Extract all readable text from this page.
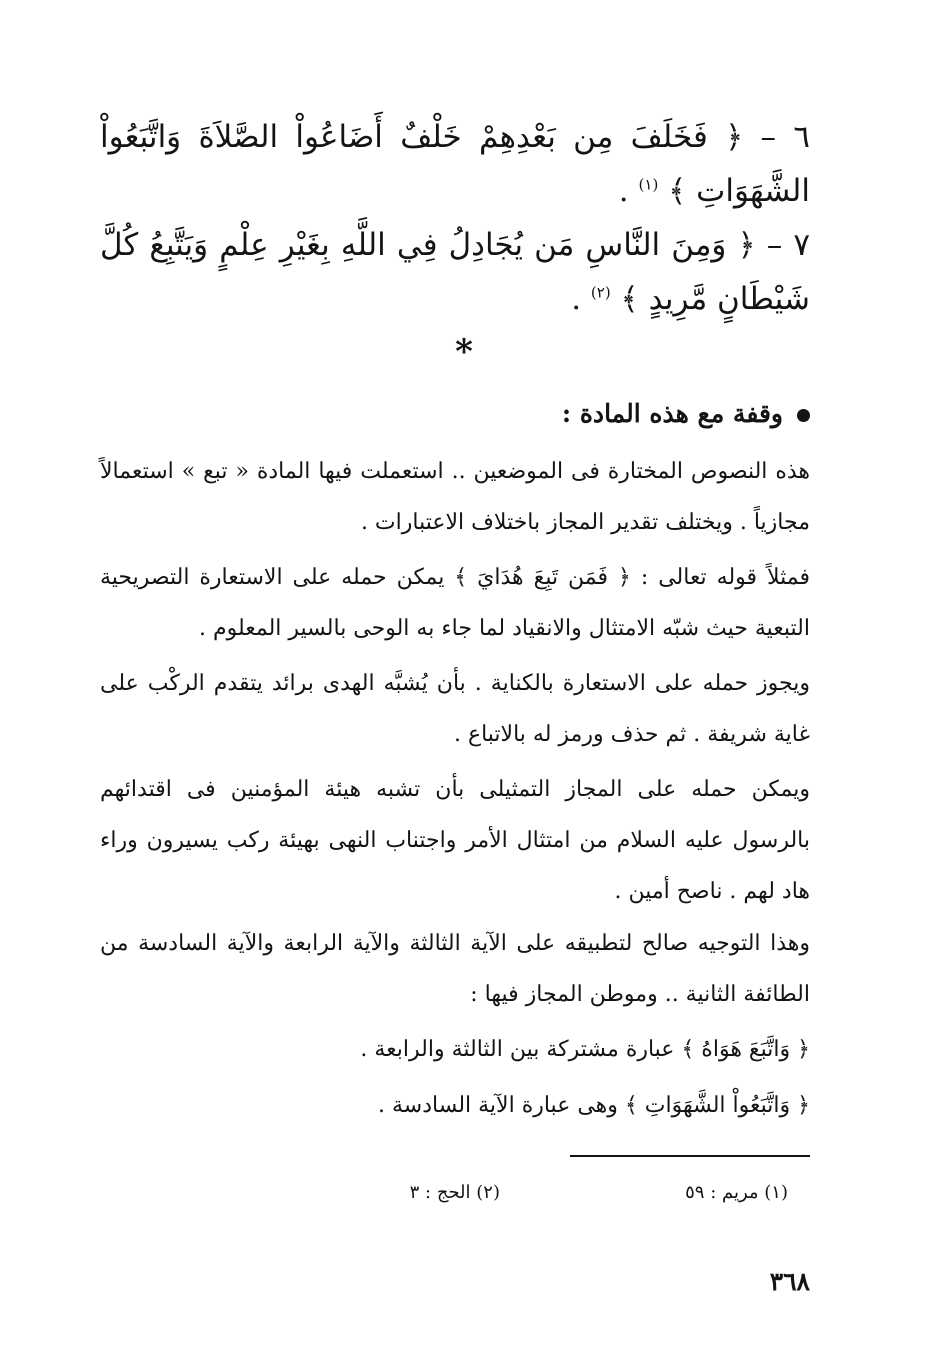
٦ – ﴿ فَخَلَفَ مِن بَعْدِهِمْ خَلْفٌ أَضَاعُواْ الصَّلاَةَ وَاتَّبَعُواْ الشَّهَوَاتِ ﴾ $^{(١)}$ .
٧ – ﴿ وَمِنَ النَّاسِ مَن يُجَادِلُ فِي اللَّهِ بِغَيْرِ عِلْمٍ وَيَتَّبِعُ كُلَّ شَيْطَانٍ مَّرِيدٍ ﴾ $^{(٢)}$ .
*
وقفة مع هذه المادة :
هذه النصوص المختارة فى الموضعين .. استعملت فيها المادة « تبع » استعمالاً مجازياً . ويختلف تقدير المجاز باختلاف الاعتبارات .
فمثلاً قوله تعالى : ﴿ فَمَن تَبِعَ هُدَايَ ﴾ يمكن حمله على الاستعارة التصريحية التبعية حيث شبّه الامتثال والانقياد لما جاء به الوحى بالسير المعلوم .
ويجوز حمله على الاستعارة بالكناية . بأن يُشبَّه الهدى برائد يتقدم الركْب على غاية شريفة . ثم حذف ورمز له بالاتباع .
ويمكن حمله على المجاز التمثيلى بأن تشبه هيئة المؤمنين فى اقتدائهم بالرسول عليه السلام من امتثال الأمر واجتناب النهى بهيئة ركب يسيرون وراء هاد لهم . ناصح أمين .
وهذا التوجيه صالح لتطبيقه على الآية الثالثة والآية الرابعة والآية السادسة من الطائفة الثانية .. وموطن المجاز فيها :
﴿ وَاتَّبَعَ هَوَاهُ ﴾ عبارة مشتركة بين الثالثة والرابعة .
﴿ وَاتَّبَعُواْ الشَّهَوَاتِ ﴾ وهى عبارة الآية السادسة .
(١) مريم : ٥٩
(٢) الحج : ٣
٣٦٨
